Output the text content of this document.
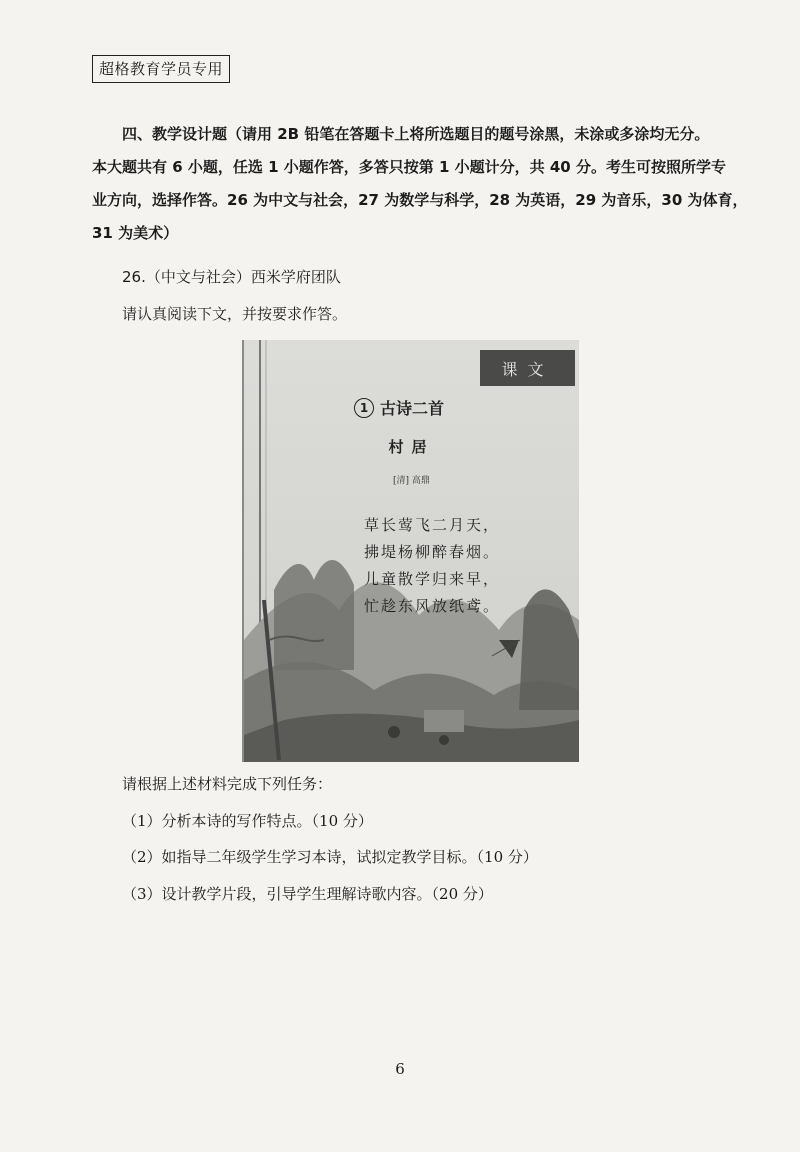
超格教育学员专用

四、教学设计题（请用 2B 铅笔在答题卡上将所选题目的题号涂黑，未涂或多涂均无分。
本大题共有 6 小题，任选 1 小题作答，多答只按第 1 小题计分，共 40 分。考生可按照所学专
业方向，选择作答。26 为中文与社会，27 为数学与科学，28 为英语，29 为音乐，30 为体育，
31 为美术）

26.（中文与社会）西米学府团队
请认真阅读下文，并按要求作答。
课文
1 古诗二首
村居
[清] 高鼎
草长莺飞二月天，
拂堤杨柳醉春烟。
儿童散学归来早，
忙趁东风放纸鸢。
请根据上述材料完成下列任务：
（1）分析本诗的写作特点。（10 分）
（2）如指导二年级学生学习本诗，试拟定教学目标。（10 分）
（3）设计教学片段，引导学生理解诗歌内容。（20 分）
6
